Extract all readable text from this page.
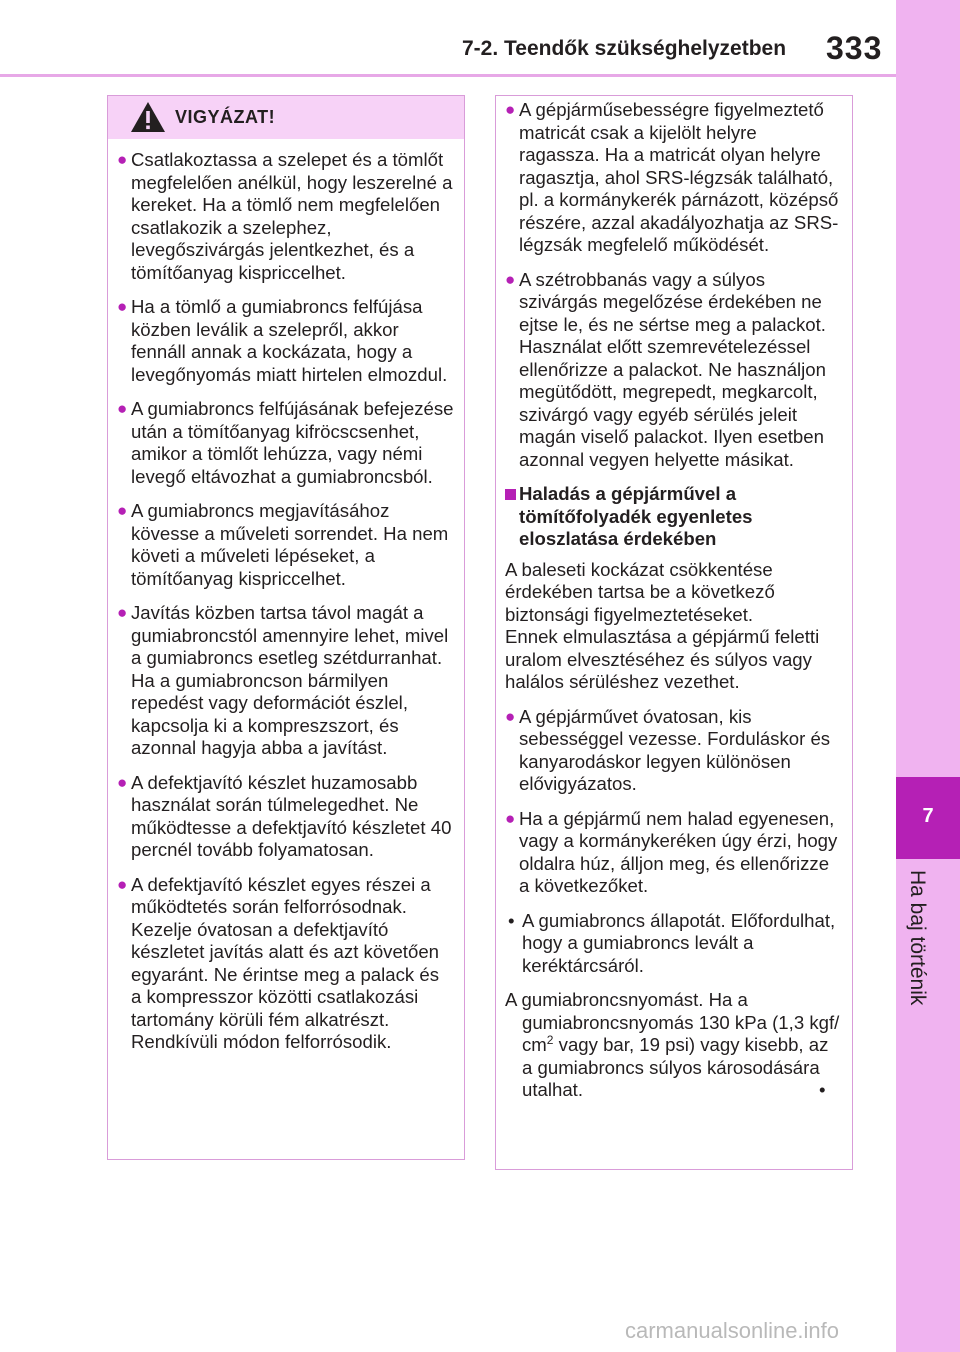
7-2. Teendők szükséghelyzetben 333
7
Ha baj történik
VIGYÁZAT!
● Csatlakoztassa a szelepet és a tömlőt megfelelően anélkül, hogy leszerelné a kereket. Ha a tömlő nem megfelelően csatlakozik a szelephez, levegőszivárgás jelentkezhet, és a tömítőanyag kispriccelhet.
● Ha a tömlő a gumiabroncs felfújása közben leválik a szelepről, akkor fennáll annak a kockázata, hogy a levegőnyomás miatt hirtelen elmozdul.
● A gumiabroncs felfújásának befejezése után a tömítőanyag kifröcscsenhet, amikor a tömlőt lehúzza, vagy némi levegő eltávozhat a gumiabroncsból.
● A gumiabroncs megjavításához kövesse a műveleti sorrendet. Ha nem követi a műveleti lépéseket, a tömítőanyag kispriccelhet.
● Javítás közben tartsa távol magát a gumiabroncstól amennyire lehet, mivel a gumiabroncs esetleg szétdurranhat. Ha a gumiabroncson bármilyen repedést vagy deformációt észlel, kapcsolja ki a kompreszszort, és azonnal hagyja abba a javítást.
● A defektjavító készlet huzamosabb használat során túlmelegedhet. Ne működtesse a defektjavító készletet 40 percnél tovább folyamatosan.
● A defektjavító készlet egyes részei a működtetés során felforrósodnak. Kezelje óvatosan a defektjavító készletet javítás alatt és azt követően egyaránt. Ne érintse meg a palack és a kompresszor közötti csatlakozási tartomány körüli fém alkatrészt. Rendkívüli módon felforrósodik.
● A gépjárműsebességre figyelmeztető matricát csak a kijelölt helyre ragassza. Ha a matricát olyan helyre ragasztja, ahol SRS-légzsák található, pl. a kormánykerék párnázott, középső részére, azzal akadályozhatja az SRS-légzsák megfelelő működését.
● A szétrobbanás vagy a súlyos szivárgás megelőzése érdekében ne ejtse le, és ne sértse meg a palackot. Használat előtt szemrevételezéssel ellenőrizze a palackot. Ne használjon megütődött, megrepedt, megkarcolt, szivárgó vagy egyéb sérülés jeleit magán viselő palackot. Ilyen esetben azonnal vegyen helyette másikat.
Haladás a gépjárművel a tömítőfolyadék egyenletes eloszlatása érdekében
A baleseti kockázat csökkentése érdekében tartsa be a következő biztonsági figyelmeztetéseket.
Ennek elmulasztása a gépjármű feletti uralom elvesztéséhez és súlyos vagy halálos sérüléshez vezethet.
● A gépjárművet óvatosan, kis sebességgel vezesse. Forduláskor és kanyarodáskor legyen különösen elővigyázatos.
● Ha a gépjármű nem halad egyenesen, vagy a kormánykeréken úgy érzi, hogy oldalra húz, álljon meg, és ellenőrizze a következőket.
• A gumiabroncs állapotát. Előfordulhat, hogy a gumiabroncs levált a keréktárcsáról.
A gumiabroncsnyomást. Ha a gumiabroncsnyomás 130 kPa (1,3 kgf/ $cm^2$ vagy bar, 19 psi) vagy kisebb, az a gumiabroncs súlyos károsodására utalhat.	•
carmanualsonline.info
